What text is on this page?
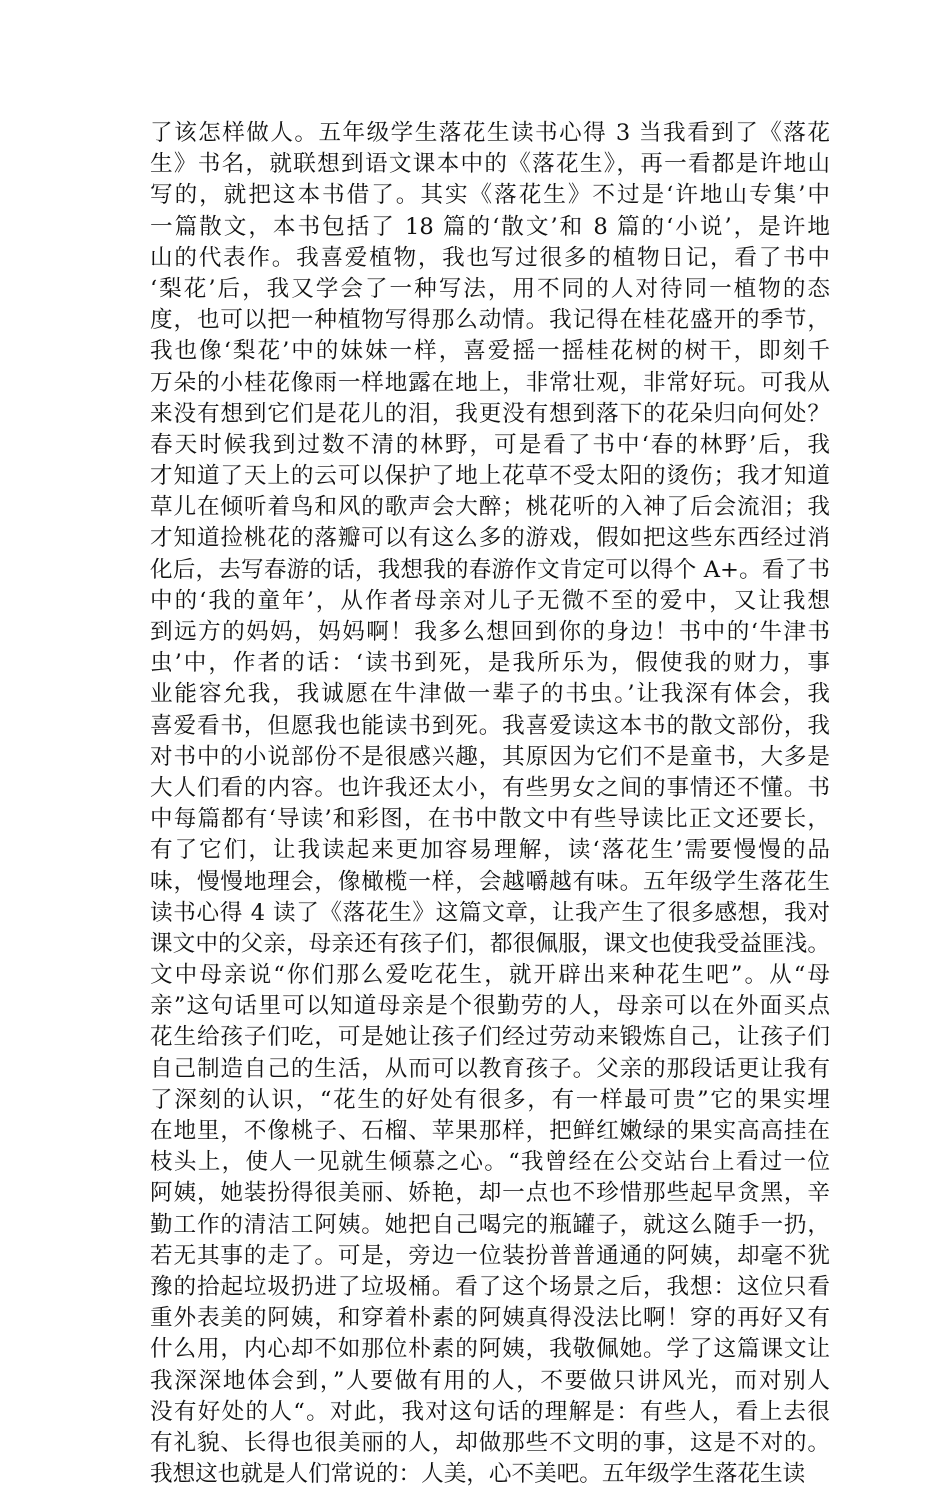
了该怎样做人。五年级学生落花生读书心得 3 当我看到了《落花
生》书名，就联想到语文课本中的《落花生》，再一看都是许地山
写的，就把这本书借了。其实《落花生》不过是‘许地山专集’中
一篇散文，本书包括了 18 篇的‘散文’和 8 篇的‘小说’，是许地
山的代表作。我喜爱植物，我也写过很多的植物日记，看了书中
‘梨花’后，我又学会了一种写法，用不同的人对待同一植物的态
度，也可以把一种植物写得那么动情。我记得在桂花盛开的季节，
我也像‘梨花’中的妹妹一样，喜爱摇一摇桂花树的树干，即刻千
万朵的小桂花像雨一样地露在地上，非常壮观，非常好玩。可我从
来没有想到它们是花儿的泪，我更没有想到落下的花朵归向何处？
春天时候我到过数不清的林野，可是看了书中‘春的林野’后，我
才知道了天上的云可以保护了地上花草不受太阳的烫伤；我才知道
草儿在倾听着鸟和风的歌声会大醉；桃花听的入神了后会流泪；我
才知道捡桃花的落瓣可以有这么多的游戏，假如把这些东西经过消
化后，去写春游的话，我想我的春游作文肯定可以得个 A+。看了书
中的‘我的童年’，从作者母亲对儿子无微不至的爱中，又让我想
到远方的妈妈，妈妈啊！我多么想回到你的身边！书中的‘牛津书
虫’中，作者的话：‘读书到死，是我所乐为，假使我的财力，事
业能容允我，我诚愿在牛津做一辈子的书虫。’让我深有体会，我
喜爱看书，但愿我也能读书到死。我喜爱读这本书的散文部份，我
对书中的小说部份不是很感兴趣，其原因为它们不是童书，大多是
大人们看的内容。也许我还太小，有些男女之间的事情还不懂。书
中每篇都有‘导读’和彩图，在书中散文中有些导读比正文还要长，
有了它们，让我读起来更加容易理解，读‘落花生’需要慢慢的品
味，慢慢地理会，像橄榄一样，会越嚼越有味。五年级学生落花生
读书心得 4 读了《落花生》这篇文章，让我产生了很多感想，我对
课文中的父亲，母亲还有孩子们，都很佩服，课文也使我受益匪浅。
文中母亲说“你们那么爱吃花生，就开辟出来种花生吧”。从“母
亲”这句话里可以知道母亲是个很勤劳的人，母亲可以在外面买点
花生给孩子们吃，可是她让孩子们经过劳动来锻炼自己，让孩子们
自己制造自己的生活，从而可以教育孩子。父亲的那段话更让我有
了深刻的认识，“花生的好处有很多，有一样最可贵”它的果实埋
在地里，不像桃子、石榴、苹果那样，把鲜红嫩绿的果实高高挂在
枝头上，使人一见就生倾慕之心。“我曾经在公交站台上看过一位
阿姨，她装扮得很美丽、娇艳，却一点也不珍惜那些起早贪黑，辛
勤工作的清洁工阿姨。她把自己喝完的瓶罐子，就这么随手一扔，
若无其事的走了。可是，旁边一位装扮普普通通的阿姨，却毫不犹
豫的拾起垃圾扔进了垃圾桶。看了这个场景之后，我想：这位只看
重外表美的阿姨，和穿着朴素的阿姨真得没法比啊！穿的再好又有
什么用，内心却不如那位朴素的阿姨，我敬佩她。学了这篇课文让
我深深地体会到，”人要做有用的人，不要做只讲风光，而对别人
没有好处的人“。对此，我对这句话的理解是：有些人，看上去很
有礼貌、长得也很美丽的人，却做那些不文明的事，这是不对的。
我想这也就是人们常说的：人美，心不美吧。五年级学生落花生读
